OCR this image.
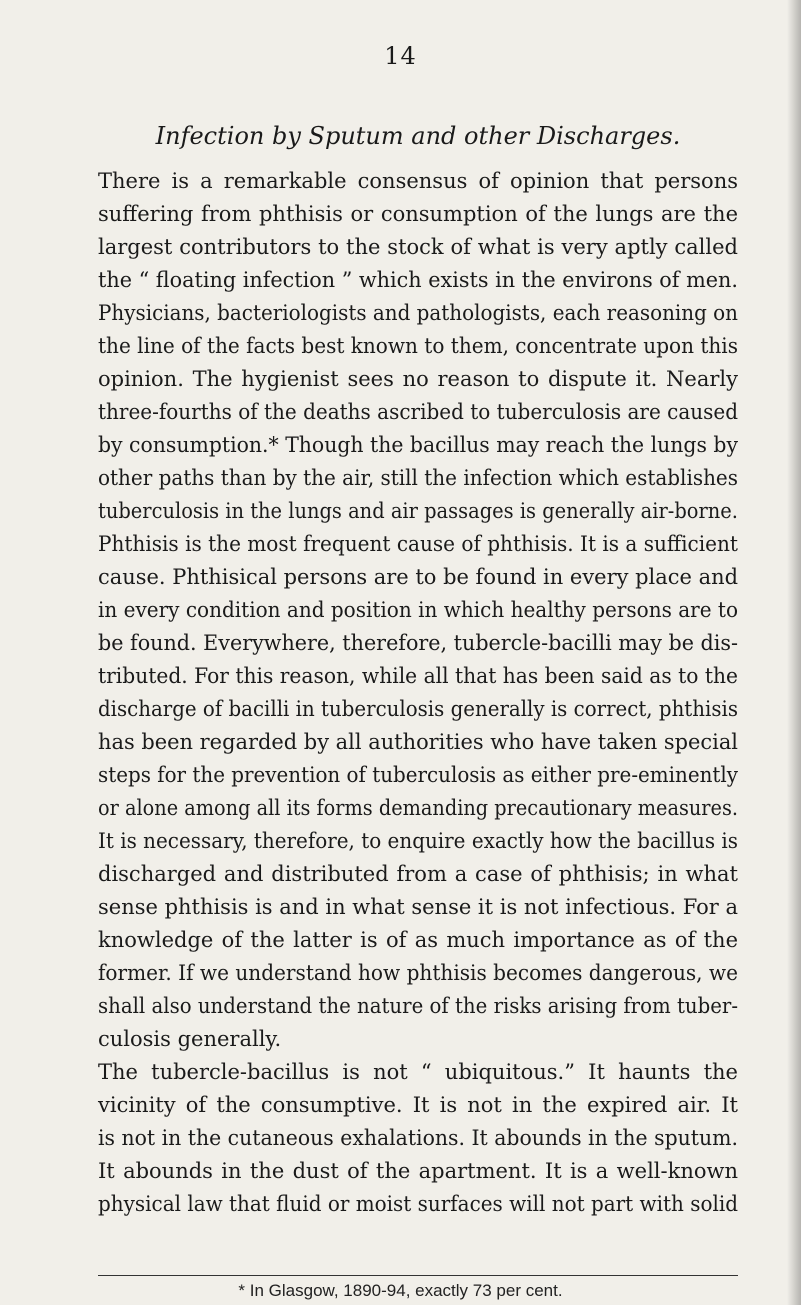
14
Infection by Sputum and other Discharges.

There is a remarkable consensus of opinion that persons
suffering from phthisis or consumption of the lungs are the
largest contributors to the stock of what is very aptly called
the “ floating infection ” which exists in the environs of men.
Physicians, bacteriologists and pathologists, each reasoning on
the line of the facts best known to them, concentrate upon this
opinion. The hygienist sees no reason to dispute it. Nearly
three-fourths of the deaths ascribed to tuberculosis are caused
by consumption.* Though the bacillus may reach the lungs by
other paths than by the air, still the infection which establishes
tuberculosis in the lungs and air passages is generally air-borne.
Phthisis is the most frequent cause of phthisis. It is a sufficient
cause. Phthisical persons are to be found in every place and
in every condition and position in which healthy persons are to
be found. Everywhere, therefore, tubercle-bacilli may be dis-
tributed. For this reason, while all that has been said as to the
discharge of bacilli in tuberculosis generally is correct, phthisis
has been regarded by all authorities who have taken special
steps for the prevention of tuberculosis as either pre-eminently
or alone among all its forms demanding precautionary measures.
It is necessary, therefore, to enquire exactly how the bacillus is
discharged and distributed from a case of phthisis; in what
sense phthisis is and in what sense it is not infectious. For a
knowledge of the latter is of as much importance as of the
former. If we understand how phthisis becomes dangerous, we
shall also understand the nature of the risks arising from tuber-
culosis generally.

The tubercle-bacillus is not “ ubiquitous.” It haunts the
vicinity of the consumptive. It is not in the expired air. It
is not in the cutaneous exhalations. It abounds in the sputum.
It abounds in the dust of the apartment. It is a well-known
physical law that fluid or moist surfaces will not part with solid

* In Glasgow, 1890-94, exactly 73 per cent.
